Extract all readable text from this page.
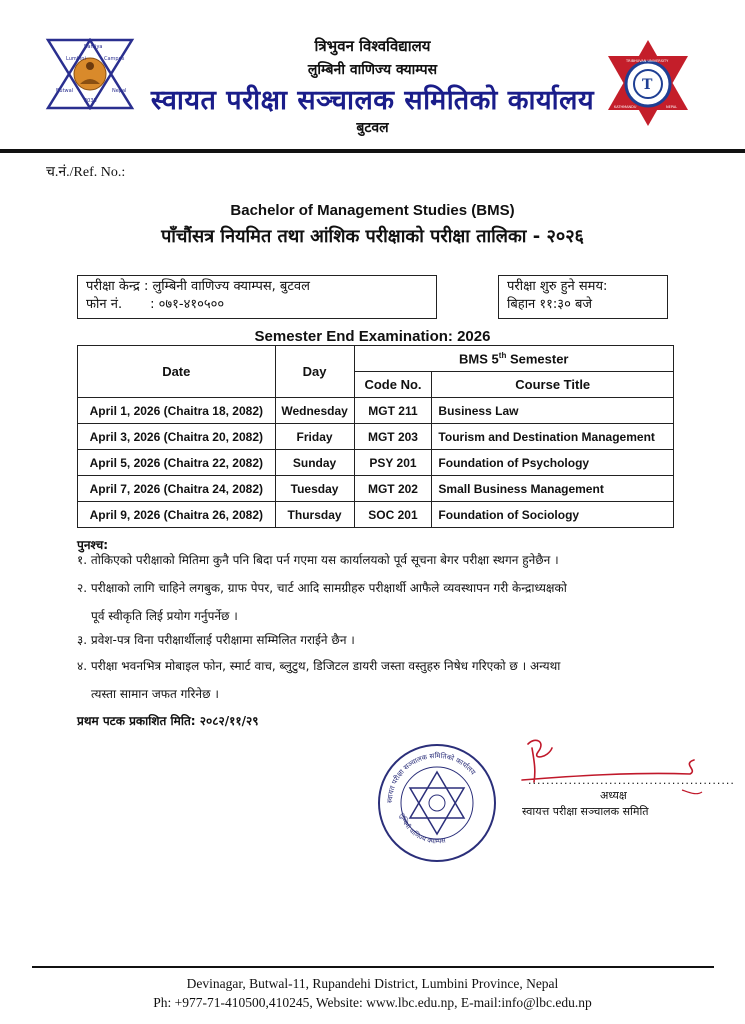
Lumbini
Banijya
Campus
Butwal	Nepal
2038
T
TRIBHUVAN UNIVERSITY
KATHMANDU	NEPAL
त्रिभुवन विश्वविद्यालय
लुम्बिनी वाणिज्य क्याम्पस
स्वायत परीक्षा सञ्चालक समितिको कार्यालय
बुटवल
च.नं./Ref. No.:
Bachelor of Management Studies (BMS)
पाँचौंसत्र नियमित तथा आंशिक परीक्षाको परीक्षा तालिका - २०२६
परीक्षा केन्द्र : लुम्बिनी वाणिज्य क्याम्पस, बुटवल
फोन नं. : ०७१-४१०५००
परीक्षा शुरु हुने समय:
बिहान ११:३० बजे
Semester End Examination: 2026
Date	Day	BMS 5th Semester	
		Code No.	Course Title
April 1, 2026 (Chaitra 18, 2082)	Wednesday	MGT 211	Business Law
April 3, 2026 (Chaitra 20, 2082)	Friday	MGT 203	Tourism and Destination Management
April 5, 2026 (Chaitra 22, 2082)	Sunday	PSY 201	Foundation of Psychology
April 7, 2026 (Chaitra 24, 2082)	Tuesday	MGT 202	Small Business Management
April 9, 2026 (Chaitra 26, 2082)	Thursday	SOC 201	Foundation of Sociology
पुनश्च:
१. तोकिएको परीक्षाको मितिमा कुनै पनि बिदा पर्न गएमा यस कार्यालयको पूर्व सूचना बेगर परीक्षा स्थगन हुनेछैन ।
२. परीक्षाको लागि चाहिने लगबुक, ग्राफ पेपर, चार्ट आदि सामग्रीहरु परीक्षार्थी आफैले व्यवस्थापन गरी केन्द्राध्यक्षको
पूर्व स्वीकृति लिई प्रयोग गर्नुपर्नेछ ।
३. प्रवेश-पत्र विना परीक्षार्थीलाई परीक्षामा सम्मिलित गराईने छैन ।
४. परीक्षा भवनभित्र मोबाइल फोन, स्मार्ट वाच, ब्लुटुथ, डिजिटल डायरी जस्ता वस्तुहरु निषेध गरिएको छ । अन्यथा
त्यस्ता सामान जफत गरिनेछ ।
प्रथम पटक प्रकाशित मिति: २०८२/११/२९
स्वायत परीक्षा सञ्चालक समितिको कार्यालय
लुम्बिनी वाणिज्य क्याम्पस
..............................................
अध्यक्ष
स्वायत्त परीक्षा सञ्चालक समिति
Devinagar, Butwal-11, Rupandehi District, Lumbini Province, Nepal
Ph: +977-71-410500,410245, Website: www.lbc.edu.np, E-mail:info@lbc.edu.np
